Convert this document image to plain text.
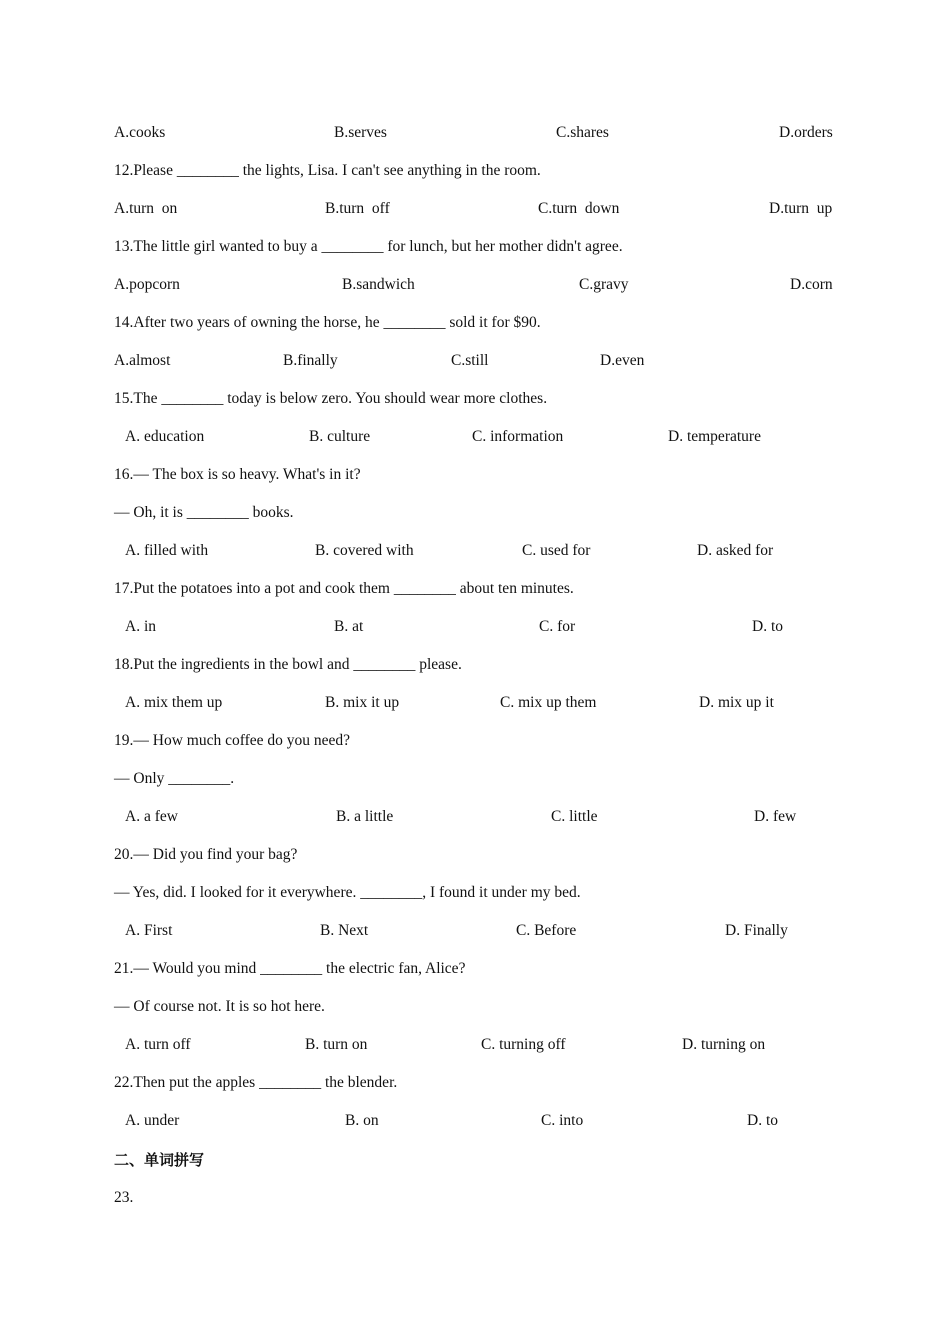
A.cooks	B.serves	C.shares	D.orders
12.Please ________ the lights, Lisa. I can't see anything in the room.
A.turn  on	B.turn  off	C.turn  down	D.turn  up
13.The little girl wanted to buy a ________ for lunch, but her mother didn't agree.
A.popcorn	B.sandwich	C.gravy	D.corn
14.After two years of owning the horse, he ________ sold it for $90.
A.almost	B.finally	C.still	D.even
15.The ________ today is below zero. You should wear more clothes.
A. education	B. culture	C. information	D. temperature
16.— The box is so heavy. What's in it?
— Oh, it is ________ books.
A. filled with	B. covered with	C. used for	D. asked for
17.Put the potatoes into a pot and cook them ________ about ten minutes.
A. in	B. at	C. for	D. to
18.Put the ingredients in the bowl and ________ please.
A. mix them up	B. mix it up	C. mix up them	D. mix up it
19.— How much coffee do you need?
— Only ________.
A. a few	B. a little	C. little	D. few
20.— Did you find your bag?
— Yes, did. I looked for it everywhere. ________, I found it under my bed.
A. First	B. Next	C. Before	D. Finally
21.— Would you mind ________ the electric fan, Alice?
— Of course not. It is so hot here.
A. turn off	B. turn on	C. turning off	D. turning on
22.Then put the apples ________ the blender.
A. under	B. on	C. into	D. to
二、单词拼写
23.
